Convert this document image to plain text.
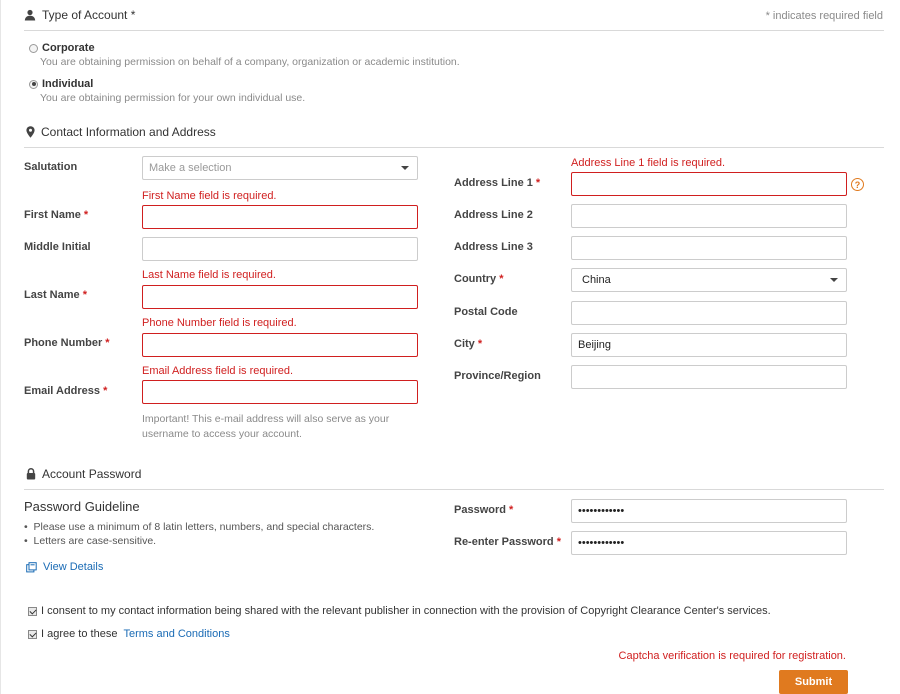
Type of Account *	* indicates required field
Corporate
You are obtaining permission on behalf of a company, organization or academic institution.
Individual
You are obtaining permission for your own individual use.
Contact Information and Address
Salutation	Make a selection
First Name field is required.
First Name *
Middle Initial
Last Name field is required.
Last Name *
Phone Number field is required.
Phone Number *
Email Address field is required.
Email Address *
Important! This e-mail address will also serve as your
username to access your account.
Address Line 1 field is required.
Address Line 1 *	?
Address Line 2
Address Line 3
Country *	China
Postal Code
City *	Beijing
Province/Region
Account Password
Password Guideline
•  Please use a minimum of 8 latin letters, numbers, and special characters.
•  Letters are case-sensitive.
View Details
Password *	••••••••••••
Re-enter Password * ••••••••••••
I consent to my contact information being shared with the relevant publisher in connection with the provision of Copyright Clearance Center's services.
I agree to these Terms and Conditions
Captcha verification is required for registration.
Submit
